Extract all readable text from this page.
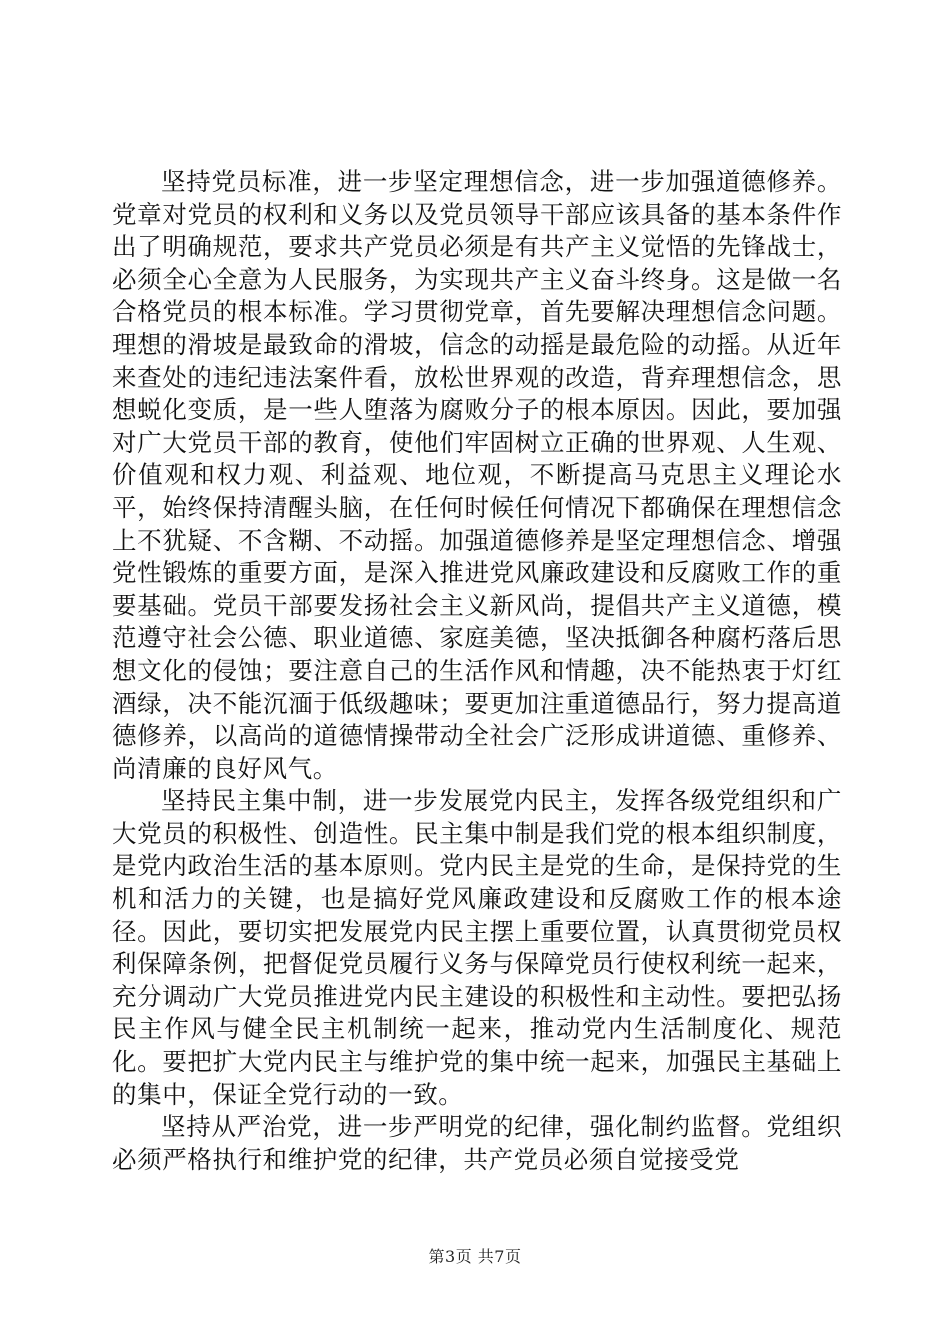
坚持党员标准，进一步坚定理想信念，进一步加强道德修养。党章对党员的权利和义务以及党员领导干部应该具备的基本条件作出了明确规范，要求共产党员必须是有共产主义觉悟的先锋战士，必须全心全意为人民服务，为实现共产主义奋斗终身。这是做一名合格党员的根本标准。学习贯彻党章，首先要解决理想信念问题。理想的滑坡是最致命的滑坡，信念的动摇是最危险的动摇。从近年来查处的违纪违法案件看，放松世界观的改造，背弃理想信念，思想蜕化变质，是一些人堕落为腐败分子的根本原因。因此，要加强对广大党员干部的教育，使他们牢固树立正确的世界观、人生观、价值观和权力观、利益观、地位观，不断提高马克思主义理论水平，始终保持清醒头脑，在任何时候任何情况下都确保在理想信念上不犹疑、不含糊、不动摇。加强道德修养是坚定理想信念、增强党性锻炼的重要方面，是深入推进党风廉政建设和反腐败工作的重要基础。党员干部要发扬社会主义新风尚，提倡共产主义道德，模范遵守社会公德、职业道德、家庭美德，坚决抵御各种腐朽落后思想文化的侵蚀；要注意自己的生活作风和情趣，决不能热衷于灯红酒绿，决不能沉湎于低级趣味；要更加注重道德品行，努力提高道德修养，以高尚的道德情操带动全社会广泛形成讲道德、重修养、尚清廉的良好风气。

坚持民主集中制，进一步发展党内民主，发挥各级党组织和广大党员的积极性、创造性。民主集中制是我们党的根本组织制度，是党内政治生活的基本原则。党内民主是党的生命，是保持党的生机和活力的关键，也是搞好党风廉政建设和反腐败工作的根本途径。因此，要切实把发展党内民主摆上重要位置，认真贯彻党员权利保障条例，把督促党员履行义务与保障党员行使权利统一起来，充分调动广大党员推进党内民主建设的积极性和主动性。要把弘扬民主作风与健全民主机制统一起来，推动党内生活制度化、规范化。要把扩大党内民主与维护党的集中统一起来，加强民主基础上的集中，保证全党行动的一致。

坚持从严治党，进一步严明党的纪律，强化制约监督。党组织必须严格执行和维护党的纪律，共产党员必须自觉接受党

第3页 共7页
